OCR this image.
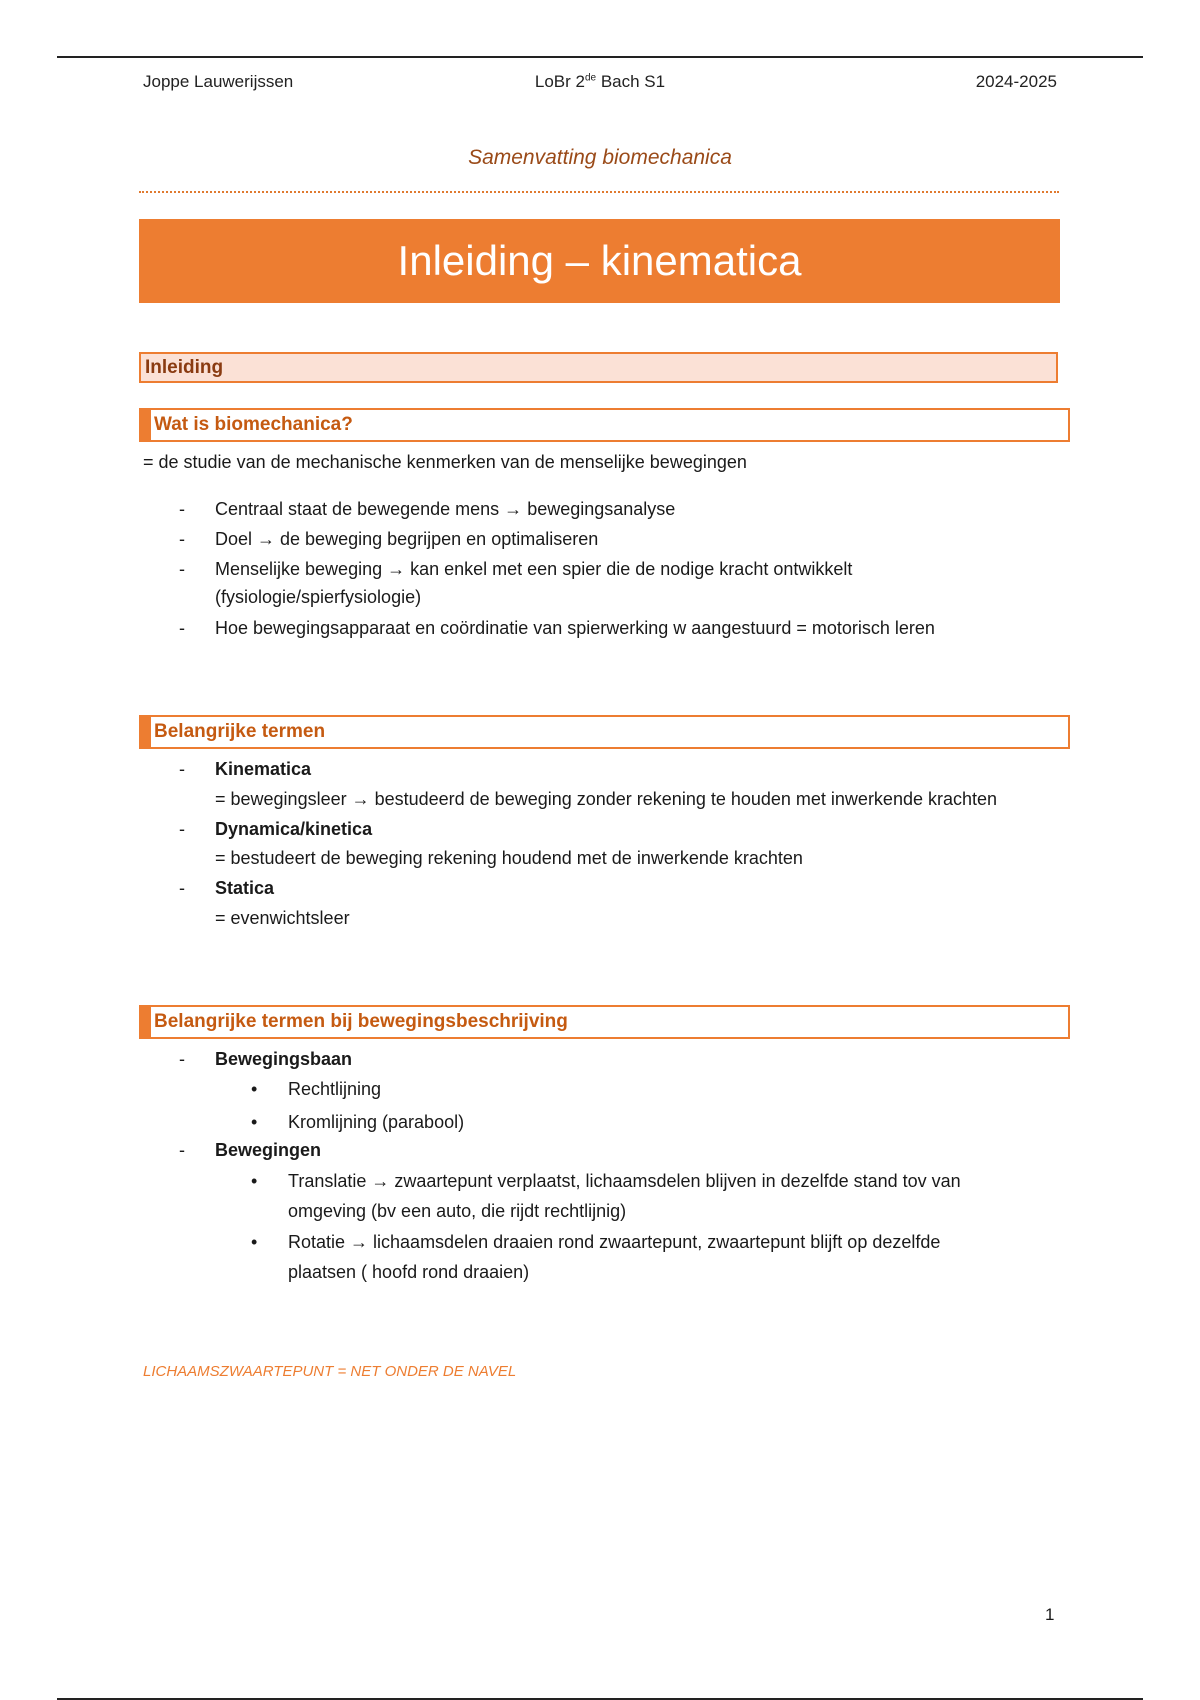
Joppe Lauwerijssen	LoBr 2de Bach S1	2024-2025
Samenvatting biomechanica
Inleiding – kinematica
Inleiding
Wat is biomechanica?
= de studie van de mechanische kenmerken van de menselijke bewegingen
- Centraal staat de bewegende mens → bewegingsanalyse
- Doel → de beweging begrijpen en optimaliseren
- Menselijke beweging → kan enkel met een spier die de nodige kracht ontwikkelt
(fysiologie/spierfysiologie)
- Hoe bewegingsapparaat en coördinatie van spierwerking w aangestuurd = motorisch leren
Belangrijke termen
- Kinematica
= bewegingsleer → bestudeerd de beweging zonder rekening te houden met inwerkende krachten
- Dynamica/kinetica
= bestudeert de beweging rekening houdend met de inwerkende krachten
- Statica
= evenwichtsleer
Belangrijke termen bij bewegingsbeschrijving
- Bewegingsbaan
• Rechtlijning
• Kromlijning (parabool)
- Bewegingen
• Translatie → zwaartepunt verplaatst, lichaamsdelen blijven in dezelfde stand tov van
omgeving (bv een auto, die rijdt rechtlijnig)
• Rotatie → lichaamsdelen draaien rond zwaartepunt, zwaartepunt blijft op dezelfde
plaatsen ( hoofd rond draaien)
LICHAAMSZWAARTEPUNT = NET ONDER DE NAVEL
1
